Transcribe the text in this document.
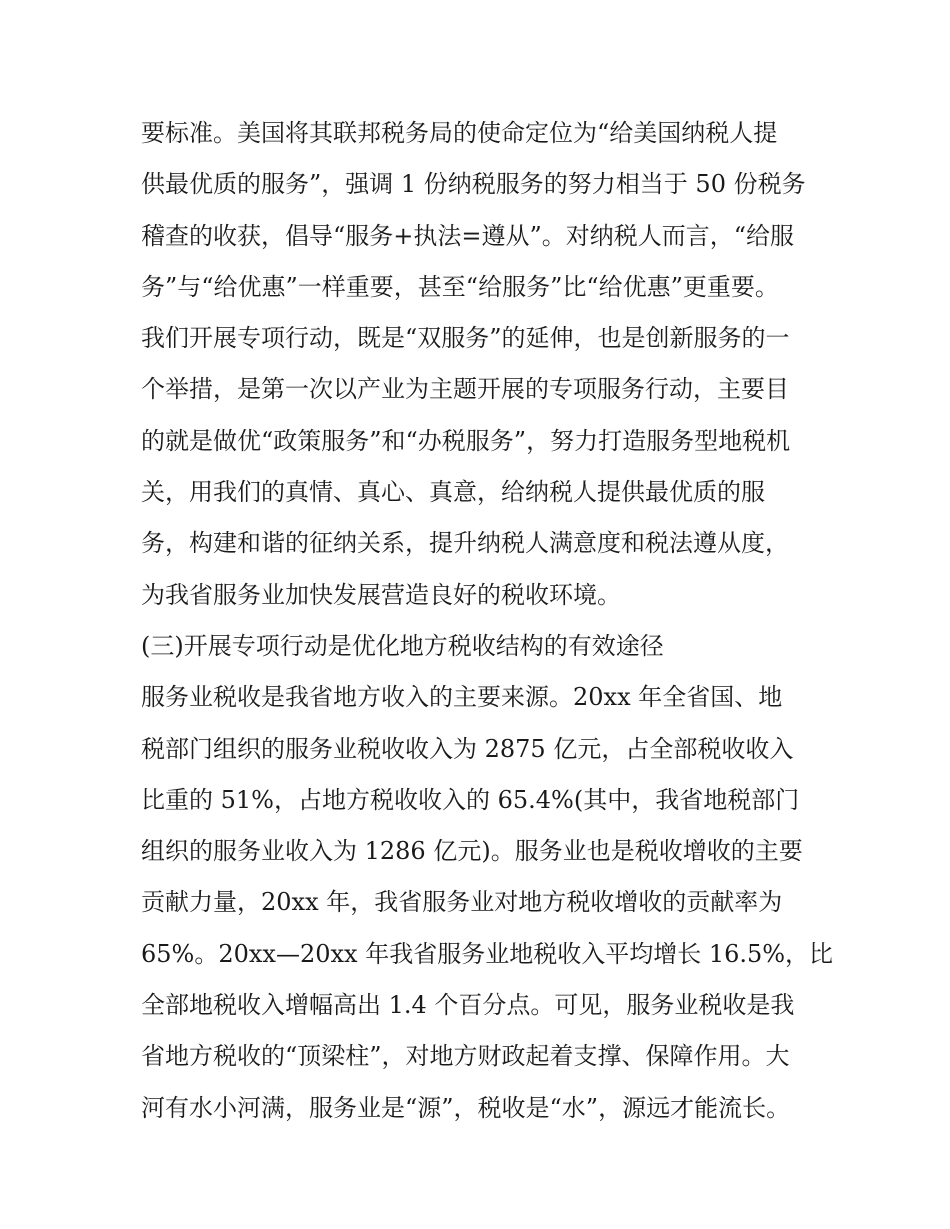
要标准。美国将其联邦税务局的使命定位为“给美国纳税人提
供最优质的服务”，强调 1 份纳税服务的努力相当于 50 份税务
稽查的收获，倡导“服务+执法=遵从”。对纳税人而言，“给服
务”与“给优惠”一样重要，甚至“给服务”比“给优惠”更重要。
我们开展专项行动，既是“双服务”的延伸，也是创新服务的一
个举措，是第一次以产业为主题开展的专项服务行动，主要目
的就是做优“政策服务”和“办税服务”，努力打造服务型地税机
关，用我们的真情、真心、真意，给纳税人提供最优质的服
务，构建和谐的征纳关系，提升纳税人满意度和税法遵从度，
为我省服务业加快发展营造良好的税收环境。
(三)开展专项行动是优化地方税收结构的有效途径
服务业税收是我省地方收入的主要来源。20xx 年全省国、地
税部门组织的服务业税收收入为 2875 亿元，占全部税收收入
比重的 51%，占地方税收收入的 65.4%(其中，我省地税部门
组织的服务业收入为 1286 亿元)。服务业也是税收增收的主要
贡献力量，20xx 年，我省服务业对地方税收增收的贡献率为
65%。20xx—20xx 年我省服务业地税收入平均增长 16.5%，比
全部地税收入增幅高出 1.4 个百分点。可见，服务业税收是我
省地方税收的“顶梁柱”，对地方财政起着支撑、保障作用。大
河有水小河满，服务业是“源”，税收是“水”，源远才能流长。
